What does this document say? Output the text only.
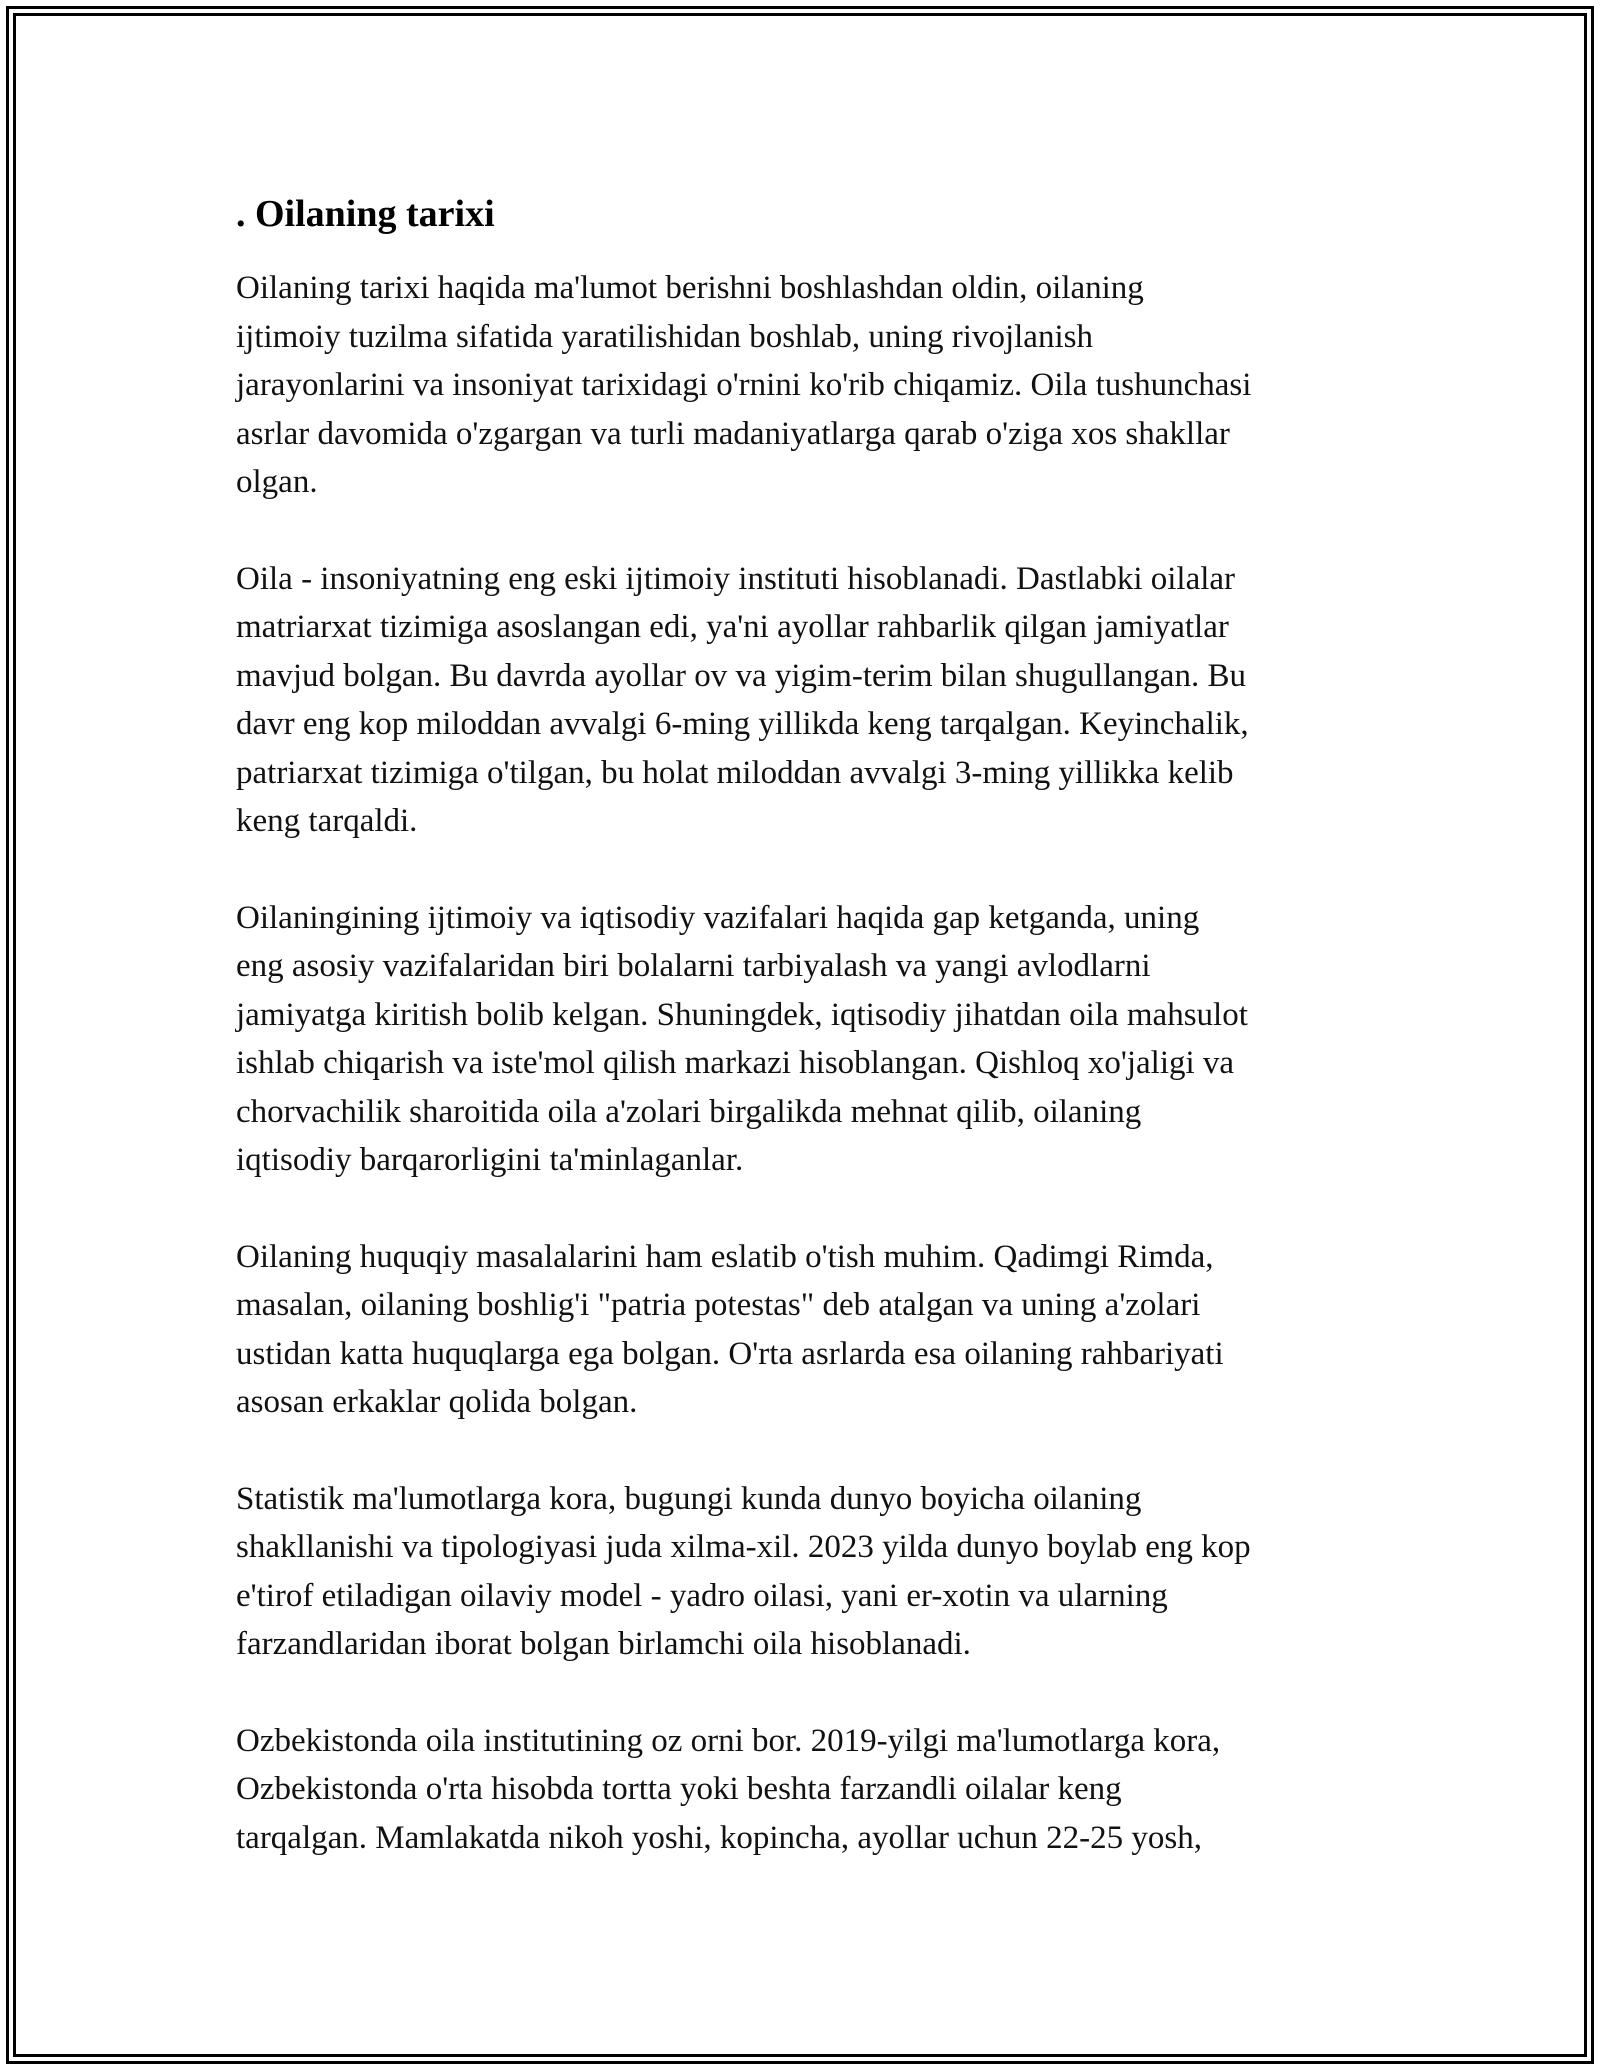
. Oilaning tarixi

Oilaning tarixi haqida ma'lumot berishni boshlashdan oldin, oilaning
ijtimoiy tuzilma sifatida yaratilishidan boshlab, uning rivojlanish
jarayonlarini va insoniyat tarixidagi o'rnini ko'rib chiqamiz. Oila tushunchasi
asrlar davomida o'zgargan va turli madaniyatlarga qarab o'ziga xos shakllar
olgan.

Oila - insoniyatning eng eski ijtimoiy instituti hisoblanadi. Dastlabki oilalar
matriarxat tizimiga asoslangan edi, ya'ni ayollar rahbarlik qilgan jamiyatlar
mavjud bolgan. Bu davrda ayollar ov va yigim-terim bilan shugullangan. Bu
davr eng kop miloddan avvalgi 6-ming yillikda keng tarqalgan. Keyinchalik,
patriarxat tizimiga o'tilgan, bu holat miloddan avvalgi 3-ming yillikka kelib
keng tarqaldi.

Oilaningining ijtimoiy va iqtisodiy vazifalari haqida gap ketganda, uning
eng asosiy vazifalaridan biri bolalarni tarbiyalash va yangi avlodlarni
jamiyatga kiritish bolib kelgan. Shuningdek, iqtisodiy jihatdan oila mahsulot
ishlab chiqarish va iste'mol qilish markazi hisoblangan. Qishloq xo'jaligi va
chorvachilik sharoitida oila a'zolari birgalikda mehnat qilib, oilaning
iqtisodiy barqarorligini ta'minlaganlar.

Oilaning huquqiy masalalarini ham eslatib o'tish muhim. Qadimgi Rimda,
masalan, oilaning boshlig'i "patria potestas" deb atalgan va uning a'zolari
ustidan katta huquqlarga ega bolgan. O'rta asrlarda esa oilaning rahbariyati
asosan erkaklar qolida bolgan.

Statistik ma'lumotlarga kora, bugungi kunda dunyo boyicha oilaning
shakllanishi va tipologiyasi juda xilma-xil. 2023 yilda dunyo boylab eng kop
e'tirof etiladigan oilaviy model - yadro oilasi, yani er-xotin va ularning
farzandlaridan iborat bolgan birlamchi oila hisoblanadi.

Ozbekistonda oila institutining oz orni bor. 2019-yilgi ma'lumotlarga kora,
Ozbekistonda o'rta hisobda tortta yoki beshta farzandli oilalar keng
tarqalgan. Mamlakatda nikoh yoshi, kopincha, ayollar uchun 22-25 yosh,
